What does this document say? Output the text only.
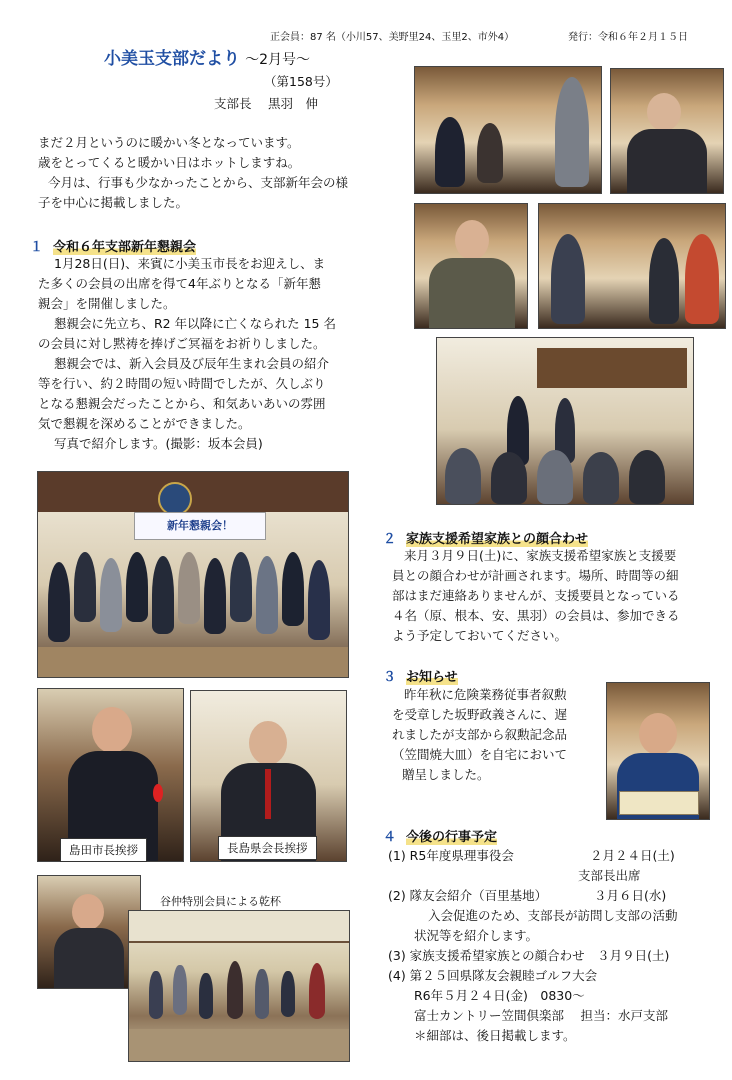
正会員：87 名（小川57、美野里24、玉里2、市外4）	発行：令和６年２月１５日
小美玉支部だより ～2月号～
（第158号）
支部長　 黒羽　伸

まだ２月というのに暖かい冬となっています。

歳をとってくると暖かい日はホットしますね。

今月は、行事も少なかったことから、支部新年会の様

子を中心に掲載しました。

１ 令和６年支部新年懇親会

1月28日(日)、来賓に小美玉市長をお迎えし、ま

た多くの会員の出席を得て4年ぶりとなる「新年懇

親会」を開催しました。

懇親会に先立ち、R2 年以降に亡くなられた 15 名

の会員に対し黙祷を捧げご冥福をお祈りしました。

懇親会では、新入会員及び辰年生まれ会員の紹介

等を行い、約２時間の短い時間でしたが、久しぶり

となる懇親会だったことから、和気あいあいの雰囲

気で懇親を深めることができました。

写真で紹介します。(撮影：坂本会員)

新年懇親会！
島田市長挨拶	長島県会長挨拶
谷仲特別会員による乾杯
２ 家族支援希望家族との顔合わせ

来月３月９日(土)に、家族支援希望家族と支援要

員との顔合わせが計画されます。場所、時間等の細

部はまだ連絡ありませんが、支援要員となっている

４名（原、根本、安、黒羽）の会員は、参加できる

よう予定しておいてください。

３ お知らせ

昨年秋に危険業務従事者叙勲

を受章した坂野政義さんに、遅

れましたが支部から叙勲記念品

（笠間焼大皿）を自宅において

贈呈しました。

４ 今後の行事予定
(1) R5年度県理事役会	２月２４日(土)
支部長出席
(2) 隊友会紹介（百里基地）	３月６日(水)
入会促進のため、支部長が訪問し支部の活動
状況等を紹介します。
(3) 家族支援希望家族との顔合わせ　３月９日(土)
(4) 第２５回県隊友会親睦ゴルフ大会
R6年５月２４日(金)　0830～
富士カントリー笠間倶楽部　 担当：水戸支部
＊細部は、後日掲載します。
